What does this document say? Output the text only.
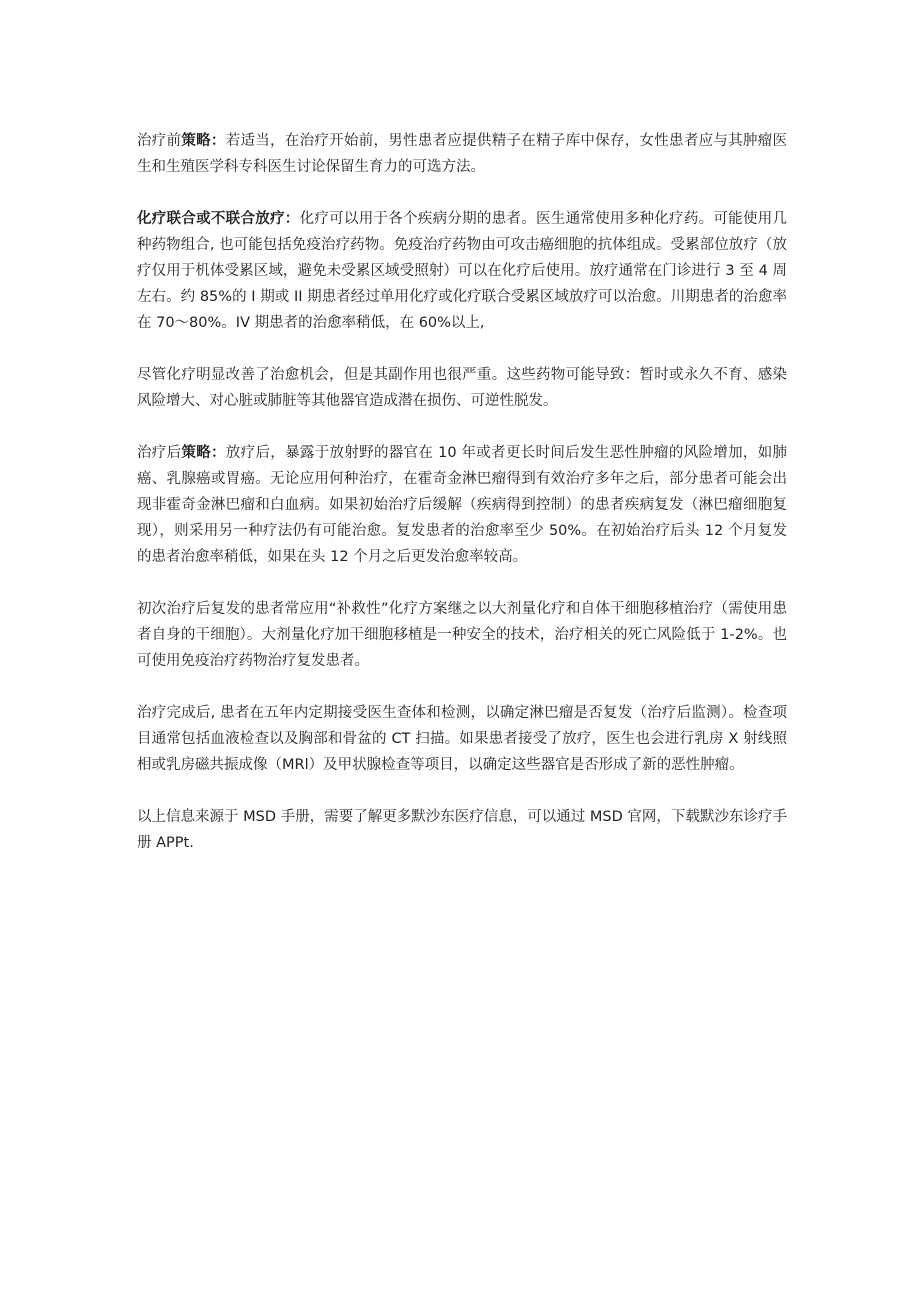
治疗前策略：若适当，在治疗开始前，男性患者应提供精子在精子库中保存，女性患者应与其肿瘤医生和生殖医学科专科医生讨论保留生育力的可选方法。

化疗联合或不联合放疗：化疗可以用于各个疾病分期的患者。医生通常使用多种化疗药。可能使用几种药物组合, 也可能包括免疫治疗药物。免疫治疗药物由可攻击癌细胞的抗体组成。受累部位放疗（放疗仅用于机体受累区域，避免未受累区域受照射）可以在化疗后使用。放疗通常在门诊进行 3 至 4 周左右。约 85%的 I 期或 II 期患者经过单用化疗或化疗联合受累区域放疗可以治愈。川期患者的治愈率在 70～80%。IV 期患者的治愈率稍低，在 60%以上,

尽管化疗明显改善了治愈机会，但是其副作用也很严重。这些药物可能导致：暂时或永久不育、感染风险增大、对心脏或肺脏等其他器官造成潜在损伤、可逆性脱发。

治疗后策略：放疗后，暴露于放射野的器官在 10 年或者更长时间后发生恶性肿瘤的风险增加，如肺癌、乳腺癌或胃癌。无论应用何种治疗，在霍奇金淋巴瘤得到有效治疗多年之后，部分患者可能会出现非霍奇金淋巴瘤和白血病。如果初始治疗后缓解（疾病得到控制）的患者疾病复发（淋巴瘤细胞复现），则采用另一种疗法仍有可能治愈。复发患者的治愈率至少 50%。在初始治疗后头 12 个月复发的患者治愈率稍低，如果在头 12 个月之后更发治愈率较高。

初次治疗后复发的患者常应用“补救性”化疗方案继之以大剂量化疗和自体干细胞移植治疗（需使用患者自身的干细胞）。大剂量化疗加干细胞移植是一种安全的技术，治疗相关的死亡风险低于 1-2%。也可使用免疫治疗药物治疗复发患者。

治疗完成后, 患者在五年内定期接受医生查体和检测，以确定淋巴瘤是否复发（治疗后监测）。检查项目通常包括血液检查以及胸部和骨盆的 CT 扫描。如果患者接受了放疗，医生也会进行乳房 X 射线照相或乳房磁共振成像（MRl）及甲状腺检查等项目，以确定这些器官是否形成了新的恶性肿瘤。

以上信息来源于 MSD 手册，需要了解更多默沙东医疗信息，可以通过 MSD 官网，下载默沙东诊疗手册 APPt.
